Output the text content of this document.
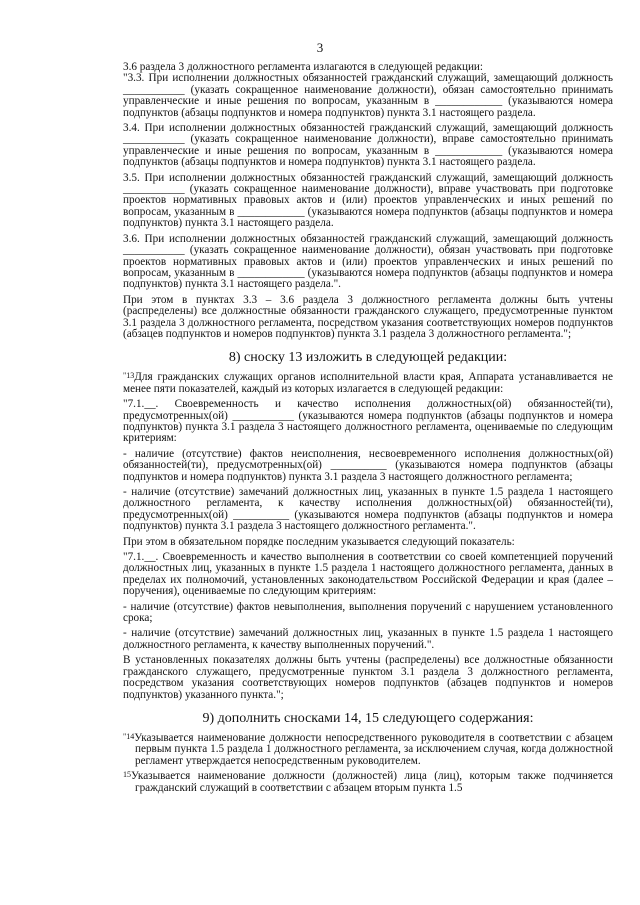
3

3.6 раздела 3 должностного регламента излагаются в следующей редакции:

"3.3. При исполнении должностных обязанностей гражданский служащий, замещающий должность ___________ (указать сокращенное наименование должности), обязан самостоятельно принимать управленческие и иные решения по вопросам, указанным в ____________ (указываются номера подпунктов (абзацы подпунктов и номера подпунктов) пункта 3.1 настоящего раздела.

3.4. При исполнении должностных обязанностей гражданский служащий, замещающий должность ___________ (указать сокращенное наименование должности), вправе самостоятельно принимать управленческие и иные решения по вопросам, указанным в ____________ (указываются номера подпунктов (абзацы подпунктов и номера подпунктов) пункта 3.1 настоящего раздела.

3.5. При исполнении должностных обязанностей гражданский служащий, замещающий должность ___________ (указать сокращенное наименование должности), вправе участвовать при подготовке проектов нормативных правовых актов и (или) проектов управленческих и иных решений по вопросам, указанным в ____________ (указываются номера подпунктов (абзацы подпунктов и номера подпунктов) пункта 3.1 настоящего раздела.

3.6. При исполнении должностных обязанностей гражданский служащий, замещающий должность ___________ (указать сокращенное наименование должности), обязан участвовать при подготовке проектов нормативных правовых актов и (или) проектов управленческих и иных решений по вопросам, указанным в ____________ (указываются номера подпунктов (абзацы подпунктов и номера подпунктов) пункта 3.1 настоящего раздела.".

При этом в пунктах 3.3 – 3.6 раздела 3 должностного регламента должны быть учтены (распределены) все должностные обязанности гражданского служащего, предусмотренные пунктом 3.1 раздела 3 должностного регламента, посредством указания соответствующих номеров подпунктов (абзацев подпунктов и номеров подпунктов) пункта 3.1 раздела 3 должностного регламента.";

8) сноску 13 изложить в следующей редакции:

$^{"13}$Для гражданских служащих органов исполнительной власти края, Аппарата устанавливается не менее пяти показателей, каждый из которых излагается в следующей редакции:

"7.1.__. Своевременность и качество исполнения должностных(ой) обязанностей(ти), предусмотренных(ой) ___________ (указываются номера подпунктов (абзацы подпунктов и номера подпунктов) пункта 3.1 раздела 3 настоящего должностного регламента, оцениваемые по следующим критериям:

- наличие (отсутствие) фактов неисполнения, несвоевременного исполнения должностных(ой) обязанностей(ти), предусмотренных(ой) __________ (указываются номера подпунктов (абзацы подпунктов и номера подпунктов) пункта 3.1 раздела 3 настоящего должностного регламента;

- наличие (отсутствие) замечаний должностных лиц, указанных в пункте 1.5 раздела 1 настоящего должностного регламента, к качеству исполнения должностных(ой) обязанностей(ти), предусмотренных(ой) __________ (указываются номера подпунктов (абзацы подпунктов и номера подпунктов) пункта 3.1 раздела 3 настоящего должностного регламента.".

При этом в обязательном порядке последним указывается следующий показатель:

"7.1.__. Своевременность и качество выполнения в соответствии со своей компетенцией поручений должностных лиц, указанных в пункте 1.5 раздела 1 настоящего должностного регламента, данных в пределах их полномочий, установленных законодательством Российской Федерации и края (далее – поручения), оцениваемые по следующим критериям:

- наличие (отсутствие) фактов невыполнения, выполнения поручений с нарушением установленного срока;

- наличие (отсутствие) замечаний должностных лиц, указанных в пункте 1.5 раздела 1 настоящего должностного регламента, к качеству выполненных поручений.".

В установленных показателях должны быть учтены (распределены) все должностные обязанности гражданского служащего, предусмотренные пунктом 3.1 раздела 3 должностного регламента, посредством указания соответствующих номеров подпунктов (абзацев подпунктов и номеров подпунктов) указанного пункта.";

9) дополнить сносками 14, 15 следующего содержания:

$^{"14}$Указывается наименование должности непосредственного руководителя в соответствии с абзацем первым пункта 1.5 раздела 1 должностного регламента, за исключением случая, когда должностной регламент утверждается непосредственным руководителем.

$^{15}$Указывается наименование должности (должностей) лица (лиц), которым также подчиняется гражданский служащий в соответствии с абзацем вторым пункта 1.5
